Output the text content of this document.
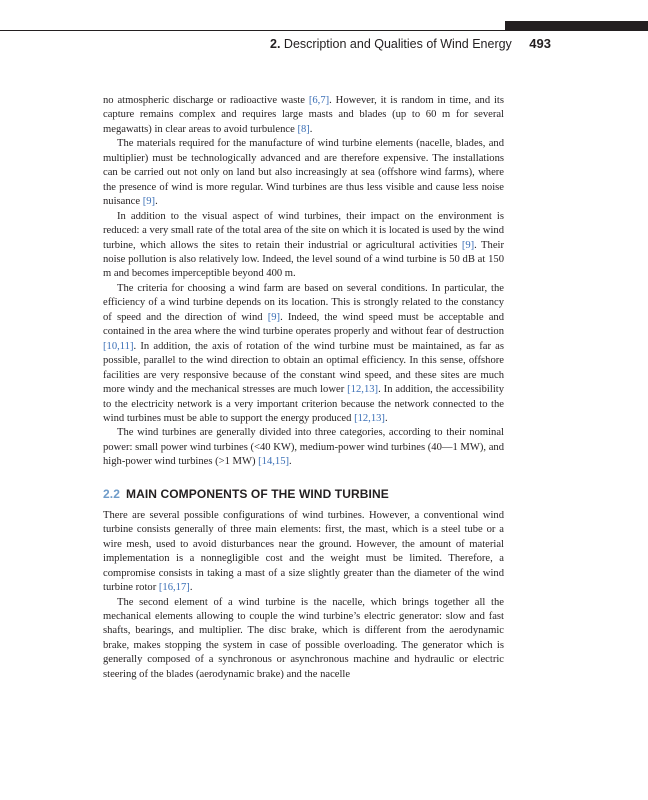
2. Description and Qualities of Wind Energy 493

no atmospheric discharge or radioactive waste [6,7]. However, it is random in time, and its capture remains complex and requires large masts and blades (up to 60 m for several megawatts) in clear areas to avoid turbulence [8].

The materials required for the manufacture of wind turbine elements (nacelle, blades, and multiplier) must be technologically advanced and are therefore expensive. The installations can be carried out not only on land but also increasingly at sea (offshore wind farms), where the presence of wind is more regular. Wind turbines are thus less visible and cause less noise nuisance [9].

In addition to the visual aspect of wind turbines, their impact on the environment is reduced: a very small rate of the total area of the site on which it is located is used by the wind turbine, which allows the sites to retain their industrial or agricultural activities [9]. Their noise pollution is also relatively low. Indeed, the level sound of a wind turbine is 50 dB at 150 m and becomes imperceptible beyond 400 m.

The criteria for choosing a wind farm are based on several conditions. In particular, the efficiency of a wind turbine depends on its location. This is strongly related to the constancy of speed and the direction of wind [9]. Indeed, the wind speed must be acceptable and contained in the area where the wind turbine operates properly and without fear of destruction [10,11]. In addition, the axis of rotation of the wind turbine must be maintained, as far as possible, parallel to the wind direction to obtain an optimal efficiency. In this sense, offshore facilities are very responsive because of the constant wind speed, and these sites are much more windy and the mechanical stresses are much lower [12,13]. In addition, the accessibility to the electricity network is a very important criterion because the network connected to the wind turbines must be able to support the energy produced [12,13].

The wind turbines are generally divided into three categories, according to their nominal power: small power wind turbines (<40 KW), medium-power wind turbines (40—1 MW), and high-power wind turbines (>1 MW) [14,15].

2.2 MAIN COMPONENTS OF THE WIND TURBINE

There are several possible configurations of wind turbines. However, a conventional wind turbine consists generally of three main elements: first, the mast, which is a steel tube or a wire mesh, used to avoid disturbances near the ground. However, the amount of material implementation is a nonnegligible cost and the weight must be limited. Therefore, a compromise consists in taking a mast of a size slightly greater than the diameter of the wind turbine rotor [16,17].

The second element of a wind turbine is the nacelle, which brings together all the mechanical elements allowing to couple the wind turbine’s electric generator: slow and fast shafts, bearings, and multiplier. The disc brake, which is different from the aerodynamic brake, makes stopping the system in case of possible overloading. The generator which is generally composed of a synchronous or asynchronous machine and hydraulic or electric steering of the blades (aerodynamic brake) and the nacelle
